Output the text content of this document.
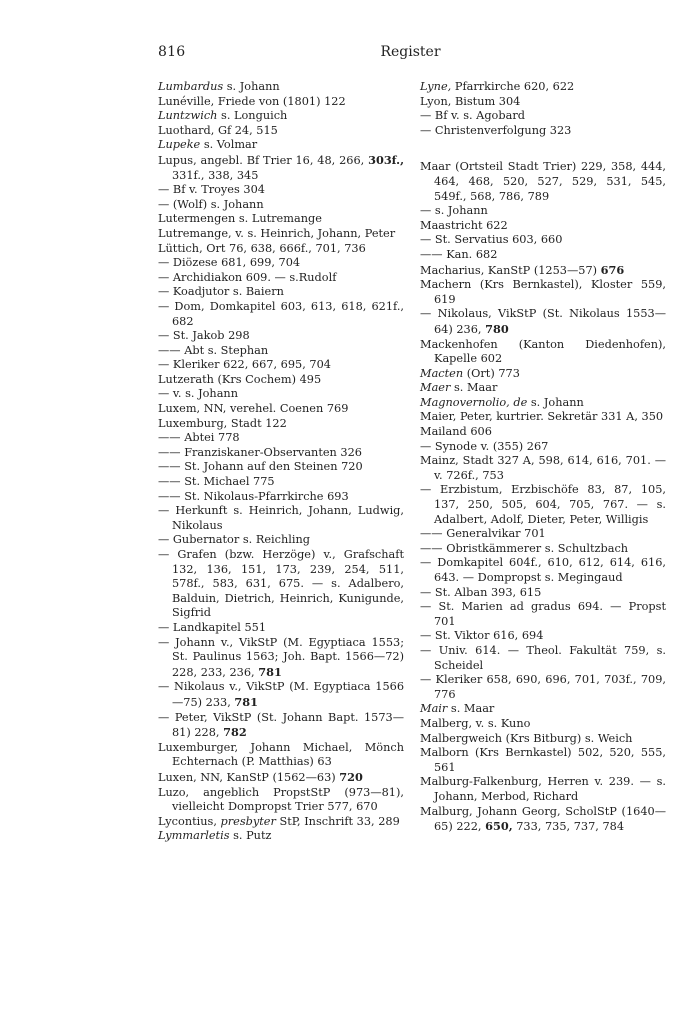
816	Register
Lumbardus s. Johann
Lunéville, Friede von (1801) 122
Luntzwich s. Longuich
Luothard, Gf 24, 515
Lupeke s. Volmar
Lupus, angebl. Bf Trier 16, 48, 266, 303f., 331f., 338, 345
— Bf v. Troyes 304
— (Wolf) s. Johann
Lutermengen s. Lutremange
Lutremange, v. s. Heinrich, Johann, Peter
Lüttich, Ort 76, 638, 666f., 701, 736
— Diözese 681, 699, 704
— Archidiakon 609. — s.Rudolf
— Koadjutor s. Baiern
— Dom, Domkapitel 603, 613, 618, 621f., 682
— St. Jakob 298
—— Abt s. Stephan
— Kleriker 622, 667, 695, 704
Lutzerath (Krs Cochem) 495
— v. s. Johann
Luxem, NN, verehel. Coenen 769
Luxemburg, Stadt 122
—— Abtei 778
—— Franziskaner-Observanten 326
—— St. Johann auf den Steinen 720
—— St. Michael 775
—— St. Nikolaus-Pfarrkirche 693
— Herkunft s. Heinrich, Johann, Ludwig, Nikolaus
— Gubernator s. Reichling
— Grafen (bzw. Herzöge) v., Grafschaft 132, 136, 151, 173, 239, 254, 511, 578f., 583, 631, 675. — s. Adalbero, Balduin, Dietrich, Heinrich, Kunigunde, Sigfrid
— Landkapitel 551
— Johann v., VikStP (M. Egyptiaca 1553; St. Paulinus 1563; Joh. Bapt. 1566—72) 228, 233, 236, 781
— Nikolaus v., VikStP (M. Egyptiaca 1566—75) 233, 781
— Peter, VikStP (St. Johann Bapt. 1573—81) 228, 782
Luxemburger, Johann Michael, Mönch Echternach (P. Matthias) 63
Luxen, NN, KanStP (1562—63) 720
Luzo, angeblich PropstStP (973—81), vielleicht Dompropst Trier 577, 670
Lycontius, presbyter StP, Inschrift 33, 289
Lymmarletis s. Putz
Lyne, Pfarrkirche 620, 622
Lyon, Bistum 304
— Bf v. s. Agobard
— Christenverfolgung 323
Maar (Ortsteil Stadt Trier) 229, 358, 444, 464, 468, 520, 527, 529, 531, 545, 549f., 568, 786, 789
— s. Johann
Maastricht 622
— St. Servatius 603, 660
—— Kan. 682
Macharius, KanStP (1253—57) 676
Machern (Krs Bernkastel), Kloster 559, 619
— Nikolaus, VikStP (St. Nikolaus 1553—64) 236, 780
Mackenhofen (Kanton Diedenhofen), Kapelle 602
Macten (Ort) 773
Maer s. Maar
Magnovernolio, de s. Johann
Maier, Peter, kurtrier. Sekretär 331 A, 350
Mailand 606
— Synode v. (355) 267
Mainz, Stadt 327 A, 598, 614, 616, 701. — v. 726f., 753
— Erzbistum, Erzbischöfe 83, 87, 105, 137, 250, 505, 604, 705, 767. — s. Adalbert, Adolf, Dieter, Peter, Willigis
—— Generalvikar 701
—— Obristkämmerer s. Schultzbach
— Domkapitel 604f., 610, 612, 614, 616, 643. — Dompropst s. Megingaud
— St. Alban 393, 615
— St. Marien ad gradus 694. — Propst 701
— St. Viktor 616, 694
— Univ. 614. — Theol. Fakultät 759, s. Scheidel
— Kleriker 658, 690, 696, 701, 703f., 709, 776
Mair s. Maar
Malberg, v. s. Kuno
Malbergweich (Krs Bitburg) s. Weich
Malborn (Krs Bernkastel) 502, 520, 555, 561
Malburg-Falkenburg, Herren v. 239. — s. Johann, Merbod, Richard
Malburg, Johann Georg, ScholStP (1640—65) 222, 650, 733, 735, 737, 784
